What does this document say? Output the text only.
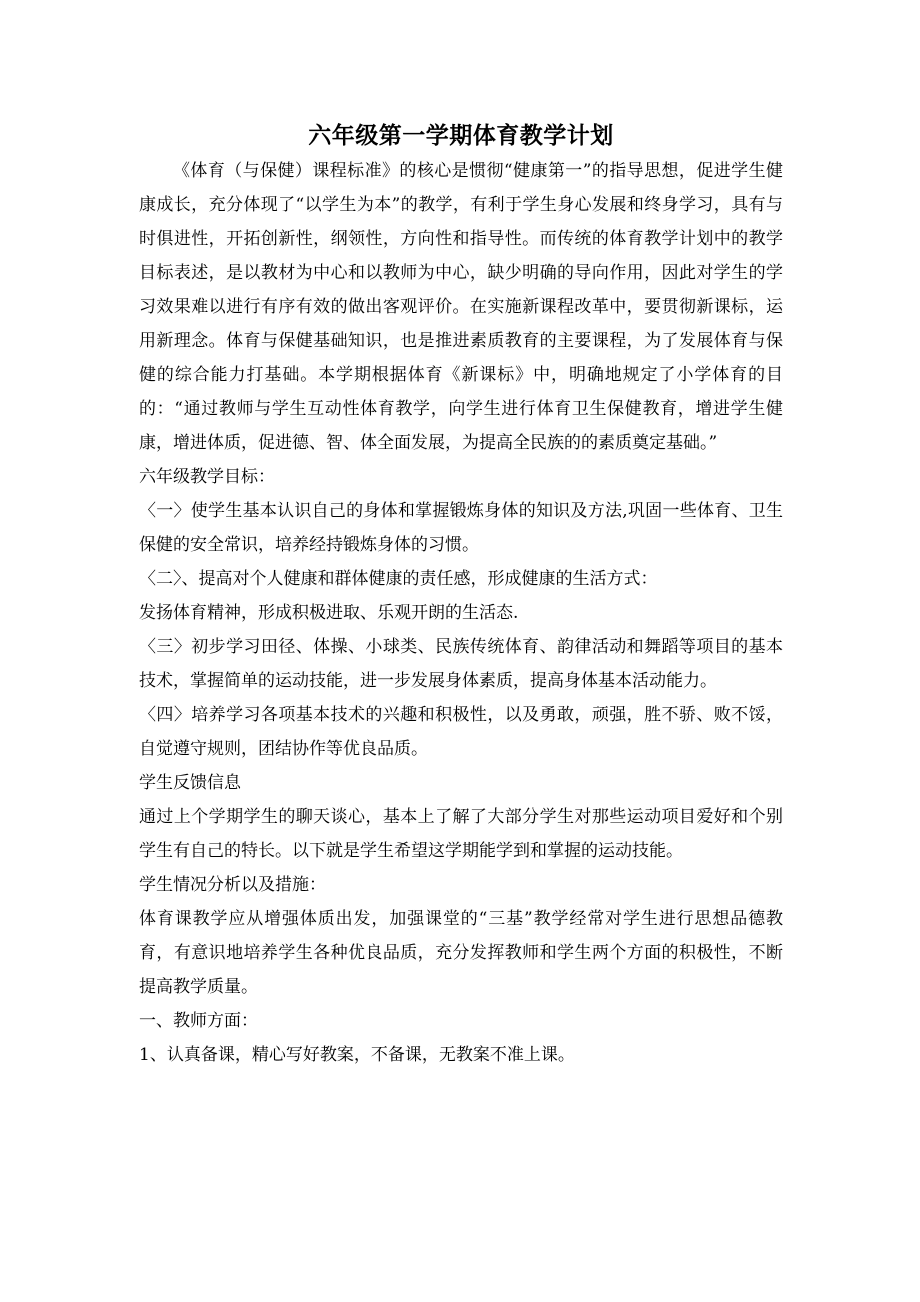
六年级第一学期体育教学计划

《体育（与保健）课程标准》的核心是惯彻“健康第一”的指导思想，促进学生健康成长，充分体现了“以学生为本”的教学，有利于学生身心发展和终身学习，具有与时俱进性，开拓创新性，纲领性，方向性和指导性。而传统的体育教学计划中的教学目标表述，是以教材为中心和以教师为中心，缺少明确的导向作用，因此对学生的学习效果难以进行有序有效的做出客观评价。在实施新课程改革中，要贯彻新课标，运用新理念。体育与保健基础知识，也是推进素质教育的主要课程，为了发展体育与保健的综合能力打基础。本学期根据体育《新课标》中，明确地规定了小学体育的目的：“通过教师与学生互动性体育教学，向学生进行体育卫生保健教育，增进学生健康，增进体质，促进德、智、体全面发展，为提高全民族的的素质奠定基础。”

六年级教学目标：

〈一〉使学生基本认识自己的身体和掌握锻炼身体的知识及方法,巩固一些体育、卫生保健的安全常识，培养经持锻炼身体的习惯。

〈二〉、提高对个人健康和群体健康的责任感，形成健康的生活方式：

发扬体育精神，形成积极进取、乐观开朗的生活态.

〈三〉初步学习田径、体操、小球类、民族传统体育、韵律活动和舞蹈等项目的基本技术，掌握简单的运动技能，进一步发展身体素质，提高身体基本活动能力。

〈四〉培养学习各项基本技术的兴趣和积极性，以及勇敢，顽强，胜不骄、败不馁，自觉遵守规则，团结协作等优良品质。

学生反馈信息

通过上个学期学生的聊天谈心，基本上了解了大部分学生对那些运动项目爱好和个别学生有自己的特长。以下就是学生希望这学期能学到和掌握的运动技能。

学生情况分析以及措施：

体育课教学应从增强体质出发，加强课堂的“三基”教学经常对学生进行思想品德教育，有意识地培养学生各种优良品质，充分发挥教师和学生两个方面的积极性，不断提高教学质量。

一、教师方面：

1、认真备课，精心写好教案，不备课，无教案不准上课。
